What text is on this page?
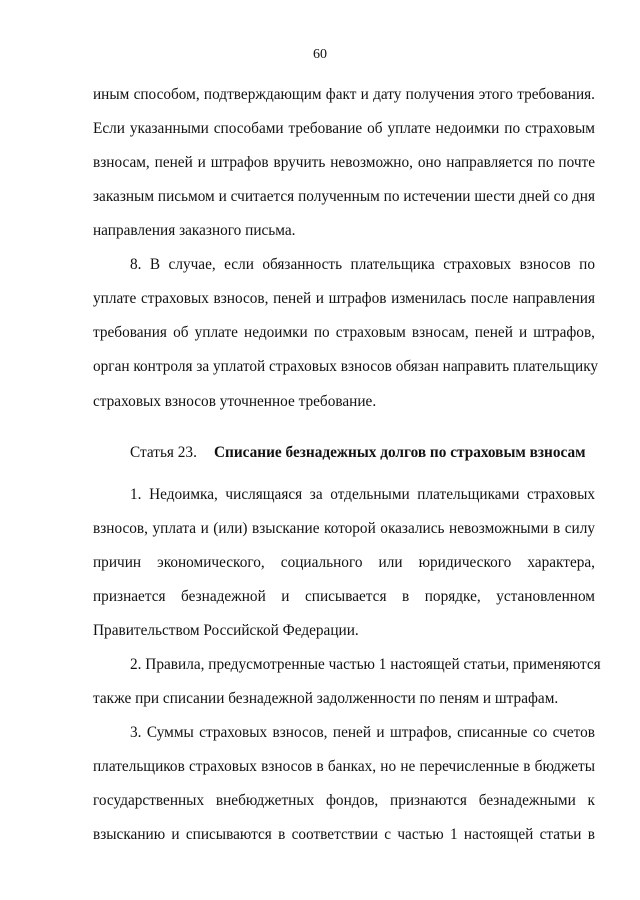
60
иным способом, подтверждающим факт и дату получения этого требования.
Если указанными способами требование об уплате недоимки по страховым
взносам, пеней и штрафов вручить невозможно, оно направляется по почте
заказным письмом и считается полученным по истечении шести дней со дня
направления заказного письма.
8. В случае, если обязанность плательщика страховых взносов по
уплате страховых взносов, пеней и штрафов изменилась после направления
требования об уплате недоимки по страховым взносам, пеней и штрафов,
орган контроля за уплатой страховых взносов обязан направить плательщику
страховых взносов уточненное требование.
Статья 23. Списание безнадежных долгов по страховым взносам
1. Недоимка, числящаяся за отдельными плательщиками страховых
взносов, уплата и (или) взыскание которой оказались невозможными в силу
причин экономического, социального или юридического характера,
признается безнадежной и списывается в порядке, установленном
Правительством Российской Федерации.
2. Правила, предусмотренные частью 1 настоящей статьи, применяются
также при списании безнадежной задолженности по пеням и штрафам.
3. Суммы страховых взносов, пеней и штрафов, списанные со счетов
плательщиков страховых взносов в банках, но не перечисленные в бюджеты
государственных внебюджетных фондов, признаются безнадежными к
взысканию и списываются в соответствии с частью 1 настоящей статьи в
